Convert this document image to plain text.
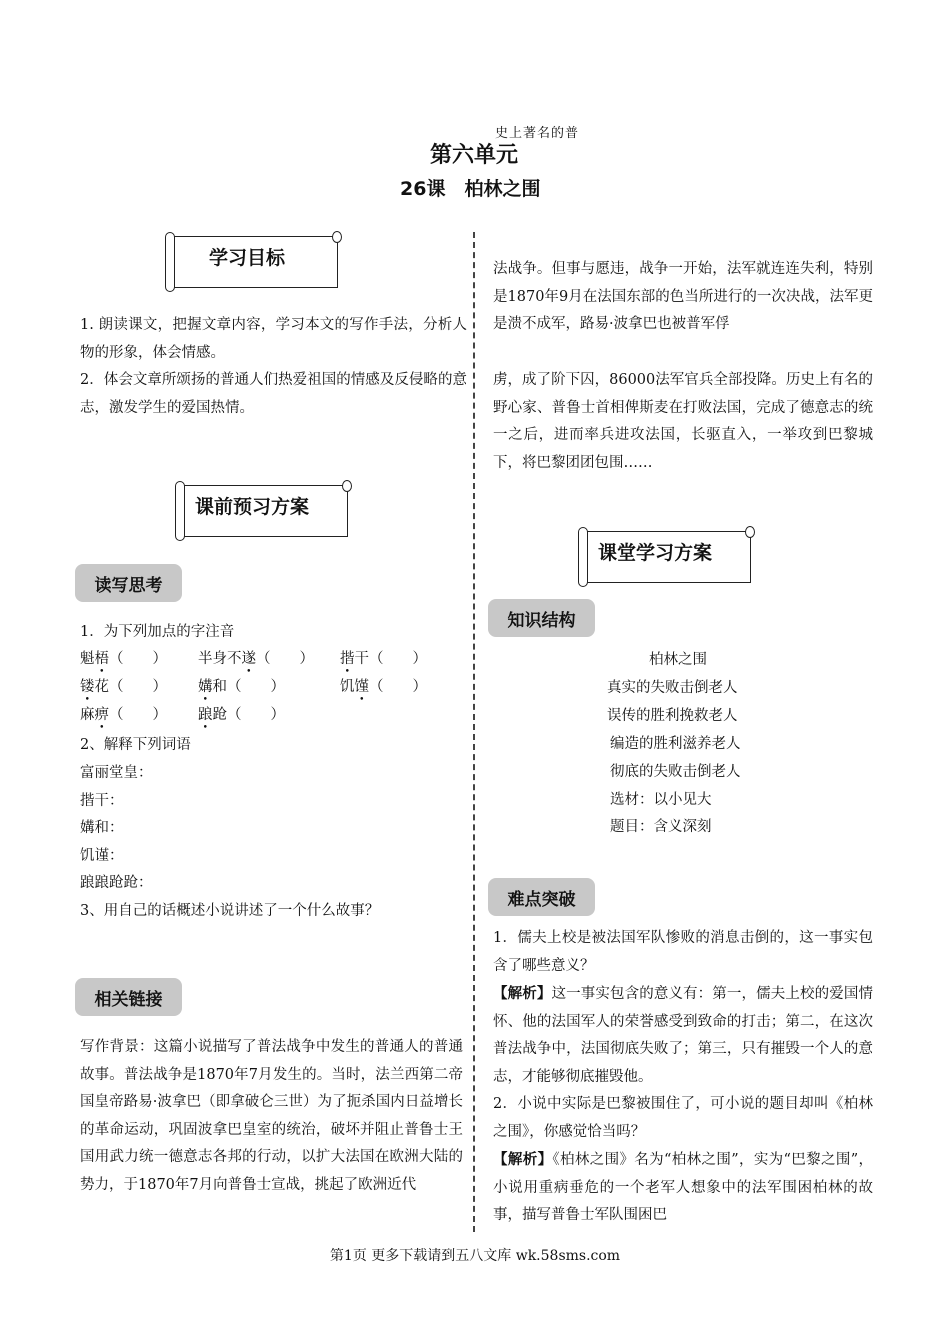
史上著名的普
第六单元
26课　柏林之围
学习目标
1. 朗读课文，把握文章内容，学习本文的写作手法，分析人物的形象，体会情感。
2．体会文章所颂扬的普通人们热爱祖国的情感及反侵略的意志，激发学生的爱国热情。
课前预习方案
读写思考
1．为下列加点的字注音
魁梧（　　） 半身不遂（　　） 揩干（　　）
镂花（　　） 媾和（　　）	饥馑（　　）
麻痹（　　） 踉跄（　　）
2、解释下列词语
富丽堂皇：
揩干：
媾和：
饥谨：
踉踉跄跄：
3、用自己的话概述小说讲述了一个什么故事？
相关链接
写作背景：这篇小说描写了普法战争中发生的普通人的普通故事。普法战争是1870年7月发生的。当时，法兰西第二帝国皇帝路易·波拿巴（即拿破仑三世）为了扼杀国内日益增长的革命运动，巩固波拿巴皇室的统治，破坏并阻止普鲁士王国用武力统一德意志各邦的行动，以扩大法国在欧洲大陆的势力，于1870年7月向普鲁士宣战，挑起了欧洲近代
法战争。但事与愿违，战争一开始，法军就连连失利，特别是1870年9月在法国东部的色当所进行的一次决战，法军更是溃不成军，路易·波拿巴也被普军俘
虏，成了阶下囚，86000法军官兵全部投降。历史上有名的野心家、普鲁士首相俾斯麦在打败法国，完成了德意志的统一之后，进而率兵进攻法国，长驱直入，一举攻到巴黎城下，将巴黎团团包围……
课堂学习方案
知识结构
柏林之围
真实的失败击倒老人
误传的胜利挽救老人
编造的胜利滋养老人
彻底的失败击倒老人
选材：以小见大
题目：含义深刻
难点突破
1．儒夫上校是被法国军队惨败的消息击倒的，这一事实包含了哪些意义？
【解析】这一事实包含的意义有：第一，儒夫上校的爱国情怀、他的法国军人的荣誉感受到致命的打击；第二，在这次普法战争中，法国彻底失败了；第三，只有摧毁一个人的意志，才能够彻底摧毁他。
2．小说中实际是巴黎被围住了，可小说的题目却叫《柏林之围》，你感觉恰当吗？
【解析】《柏林之围》名为“柏林之围”，实为“巴黎之围”，小说用重病垂危的一个老军人想象中的法军围困柏林的故事，描写普鲁士军队围困巴
第1页 更多下载请到五八文库 wk.58sms.com
